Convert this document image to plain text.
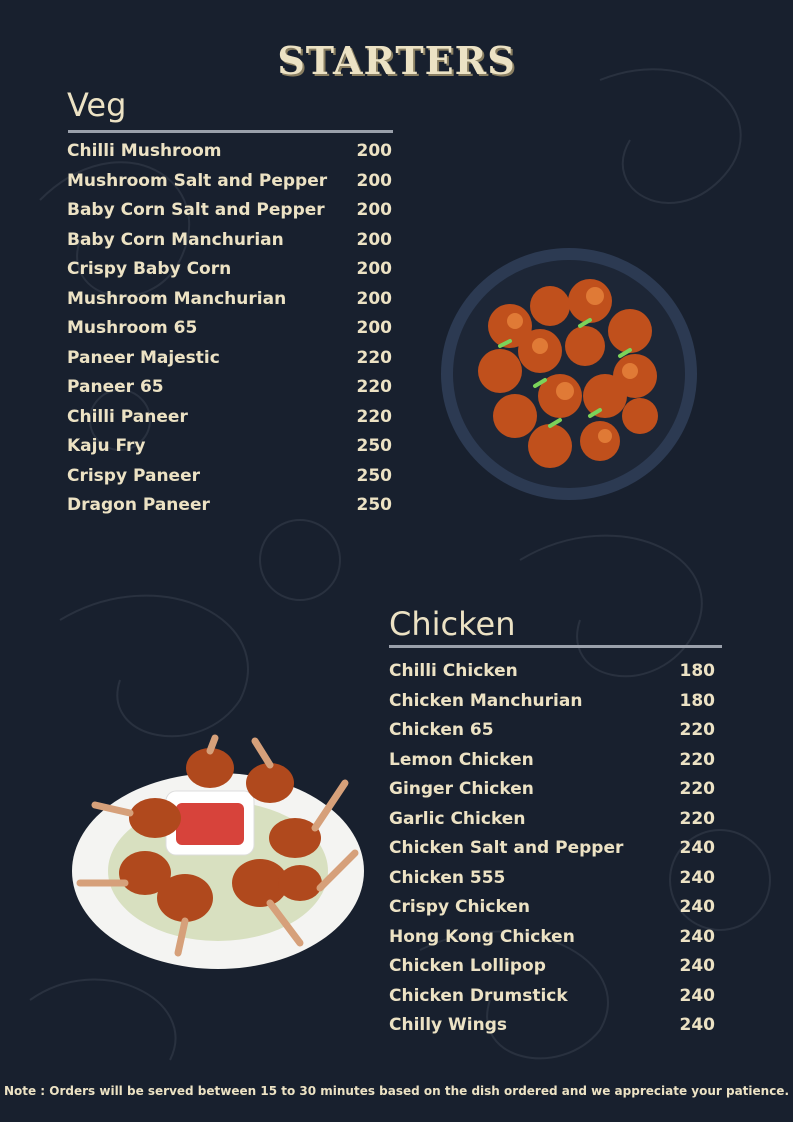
STARTERS
Veg
Chilli Mushroom	200
Mushroom Salt and Pepper 200
Baby Corn Salt and Pepper 200
Baby Corn Manchurian	200
Crispy Baby Corn	200
Mushroom Manchurian	200
Mushroom 65	200
Paneer Majestic	220
Paneer 65	220
Chilli Paneer	220
Kaju Fry	250
Crispy Paneer	250
Dragon Paneer	250
Chicken
Chilli Chicken	180
Chicken Manchurian	180
Chicken 65	220
Lemon Chicken	220
Ginger Chicken	220
Garlic Chicken	220
Chicken Salt and Pepper	240
Chicken 555	240
Crispy Chicken	240
Hong Kong Chicken	240
Chicken Lollipop	240
Chicken Drumstick	240
Chilly Wings	240
Note : Orders will be served between 15 to 30 minutes based on the dish ordered and we appreciate your patience.
